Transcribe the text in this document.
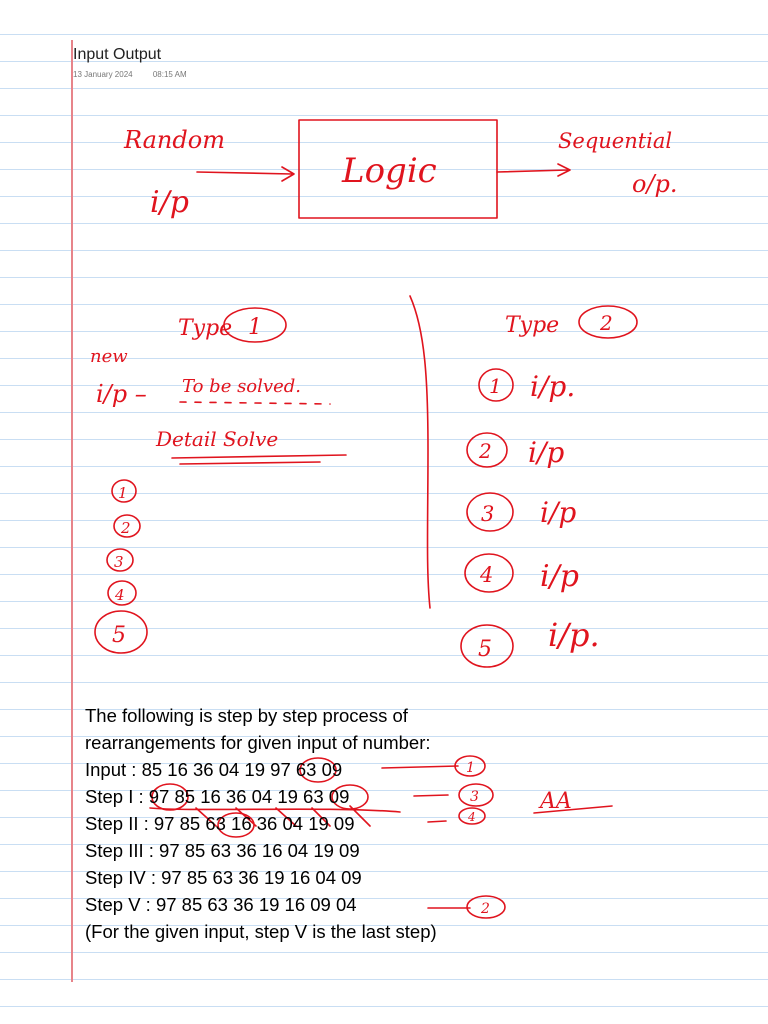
Input Output
13 January 2024	08:15 AM
Random
i/p
Logic
Sequential
o/p.
Type 1
new
i/p – To be solved.
Detail Solve
1
2
3
4
5
Type 2
1 i/p.
2 i/p
3 i/p
4 i/p
5 i/p.
1
3
4
AA
2
The following is step by step process of
rearrangements for given input of number:
Input : 85 16 36 04 19 97 63 09
Step I : 97 85 16 36 04 19 63 09
Step II : 97 85 63 16 36 04 19 09
Step III : 97 85 63 36 16 04 19 09
Step IV : 97 85 63 36 19 16 04 09
Step V : 97 85 63 36 19 16 09 04
(For the given input, step V is the last step)
